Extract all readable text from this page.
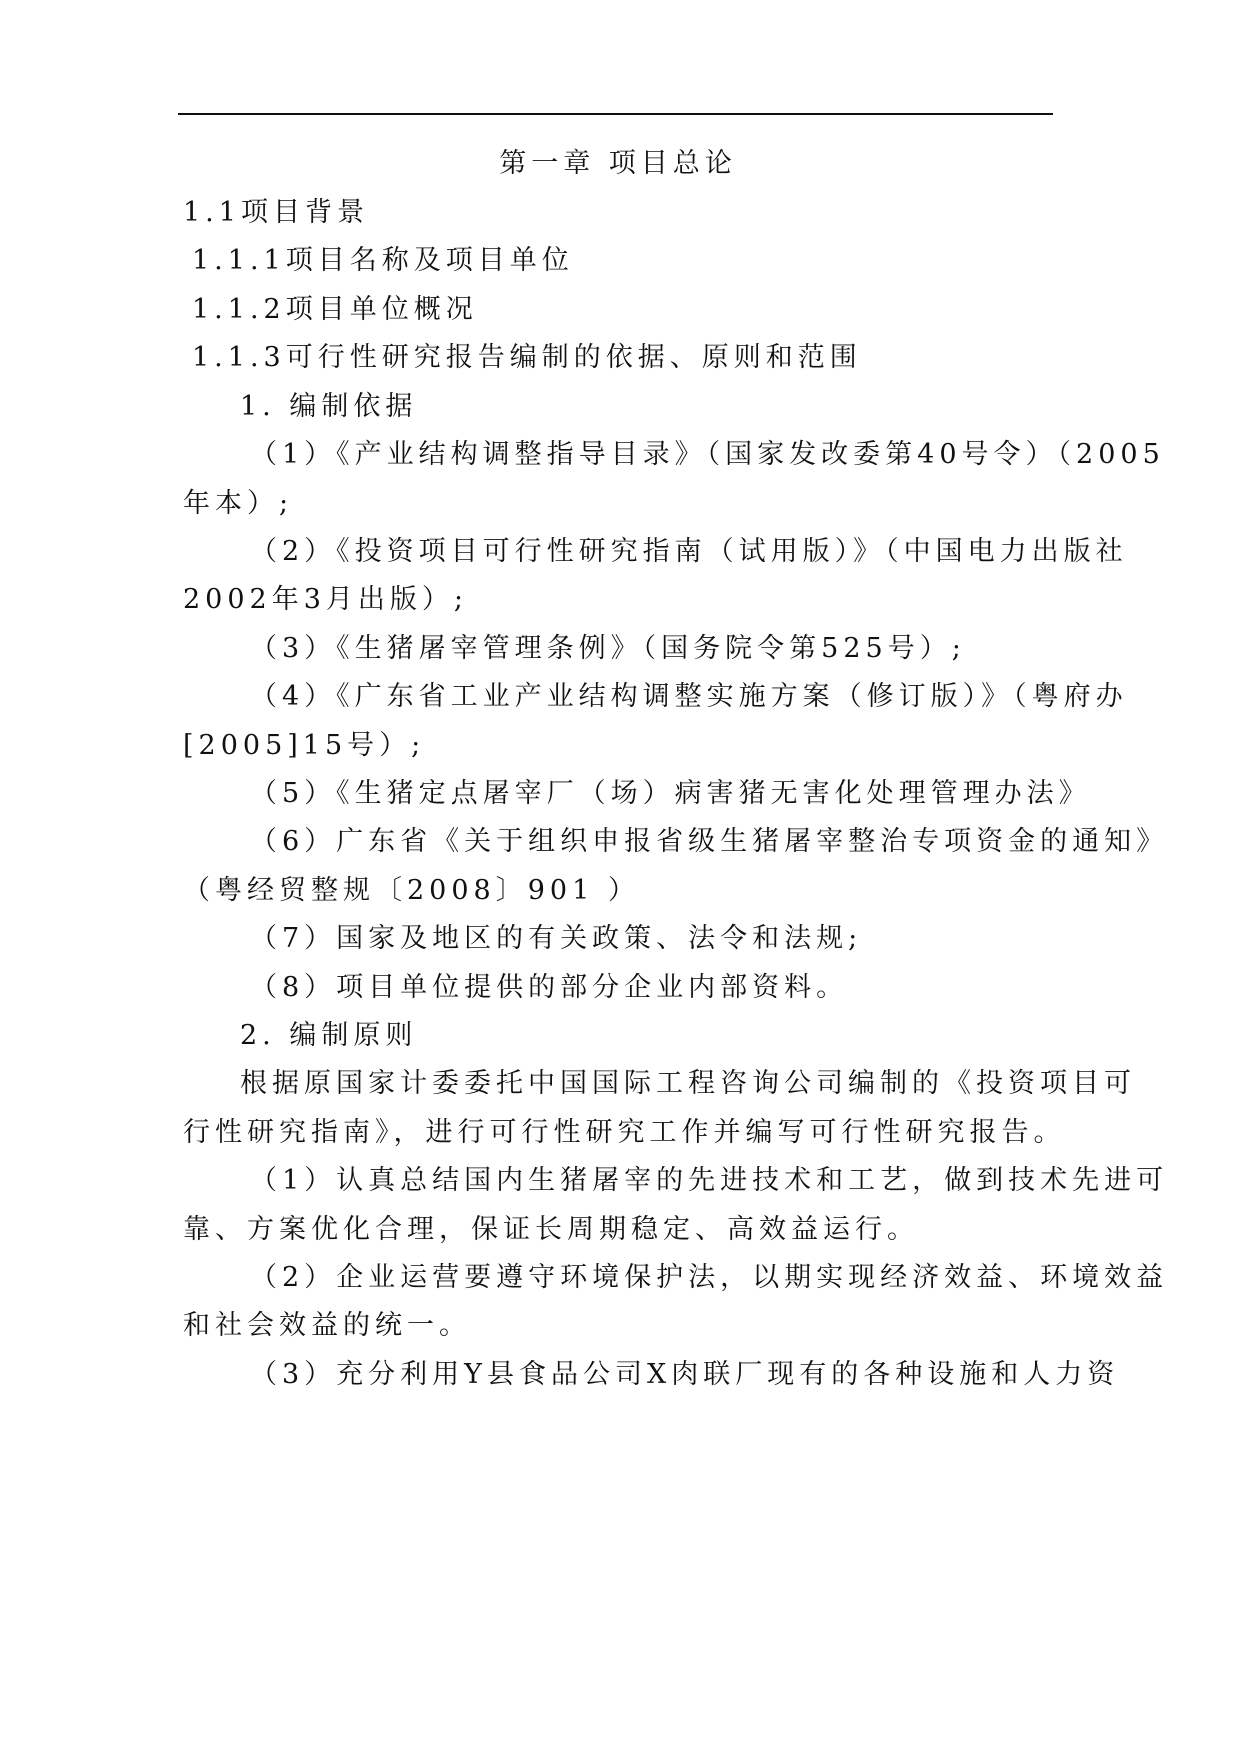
第一章 项目总论
1.1项目背景
1.1.1项目名称及项目单位
1.1.2项目单位概况
1.1.3可行性研究报告编制的依据、原则和范围
1. 编制依据
（1）《产业结构调整指导目录》（国家发改委第40号令）（2005
年本）;
（2）《投资项目可行性研究指南（试用版）》（中国电力出版社
2002年3月出版）;
（3）《生猪屠宰管理条例》（国务院令第525号）;
（4）《广东省工业产业结构调整实施方案（修订版）》（粤府办
[2005]15号）;
（5）《生猪定点屠宰厂（场）病害猪无害化处理管理办法》
（6）广东省《关于组织申报省级生猪屠宰整治专项资金的通知》
（粤经贸整规〔2008〕901 ）
（7）国家及地区的有关政策、法令和法规;
（8）项目单位提供的部分企业内部资料。
2. 编制原则
根据原国家计委委托中国国际工程咨询公司编制的《投资项目可
行性研究指南》，进行可行性研究工作并编写可行性研究报告。
（1）认真总结国内生猪屠宰的先进技术和工艺，做到技术先进可
靠、方案优化合理，保证长周期稳定、高效益运行。
（2）企业运营要遵守环境保护法，以期实现经济效益、环境效益
和社会效益的统一。
（3）充分利用Y县食品公司X肉联厂现有的各种设施和人力资
